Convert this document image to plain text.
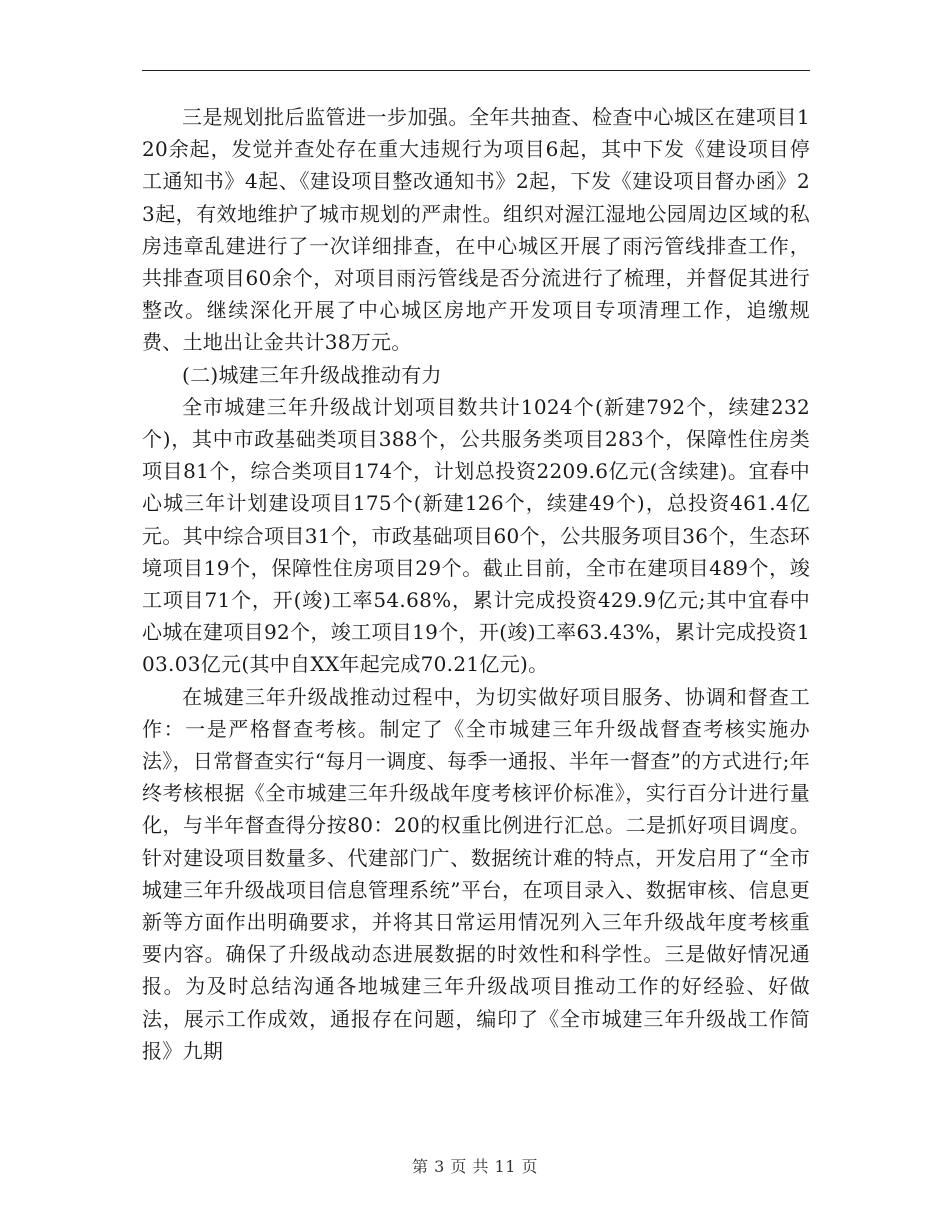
三是规划批后监管进一步加强。全年共抽查、检查中心城区在建项目120余起，发觉并查处存在重大违规行为项目6起，其中下发《建设项目停工通知书》4起、《建设项目整改通知书》2起，下发《建设项目督办函》23起，有效地维护了城市规划的严肃性。组织对渥江湿地公园周边区域的私房违章乱建进行了一次详细排查，在中心城区开展了雨污管线排查工作，共排查项目60余个，对项目雨污管线是否分流进行了梳理，并督促其进行整改。继续深化开展了中心城区房地产开发项目专项清理工作，追缴规费、土地出让金共计38万元。

(二)城建三年升级战推动有力

全市城建三年升级战计划项目数共计1024个(新建792个，续建232个)，其中市政基础类项目388个，公共服务类项目283个，保障性住房类项目81个，综合类项目174个，计划总投资2209.6亿元(含续建)。宜春中心城三年计划建设项目175个(新建126个，续建49个)，总投资461.4亿元。其中综合项目31个，市政基础项目60个，公共服务项目36个，生态环境项目19个，保障性住房项目29个。截止目前，全市在建项目489个，竣工项目71个，开(竣)工率54.68%，累计完成投资429.9亿元;其中宜春中心城在建项目92个，竣工项目19个，开(竣)工率63.43%，累计完成投资103.03亿元(其中自XX年起完成70.21亿元)。

在城建三年升级战推动过程中，为切实做好项目服务、协调和督查工作：一是严格督查考核。制定了《全市城建三年升级战督查考核实施办法》，日常督查实行“每月一调度、每季一通报、半年一督查”的方式进行;年终考核根据《全市城建三年升级战年度考核评价标准》，实行百分计进行量化，与半年督查得分按80：20的权重比例进行汇总。二是抓好项目调度。针对建设项目数量多、代建部门广、数据统计难的特点，开发启用了“全市城建三年升级战项目信息管理系统”平台，在项目录入、数据审核、信息更新等方面作出明确要求，并将其日常运用情况列入三年升级战年度考核重要内容。确保了升级战动态进展数据的时效性和科学性。三是做好情况通报。为及时总结沟通各地城建三年升级战项目推动工作的好经验、好做法，展示工作成效，通报存在问题，编印了《全市城建三年升级战工作简报》九期

第 3 页 共 11 页
